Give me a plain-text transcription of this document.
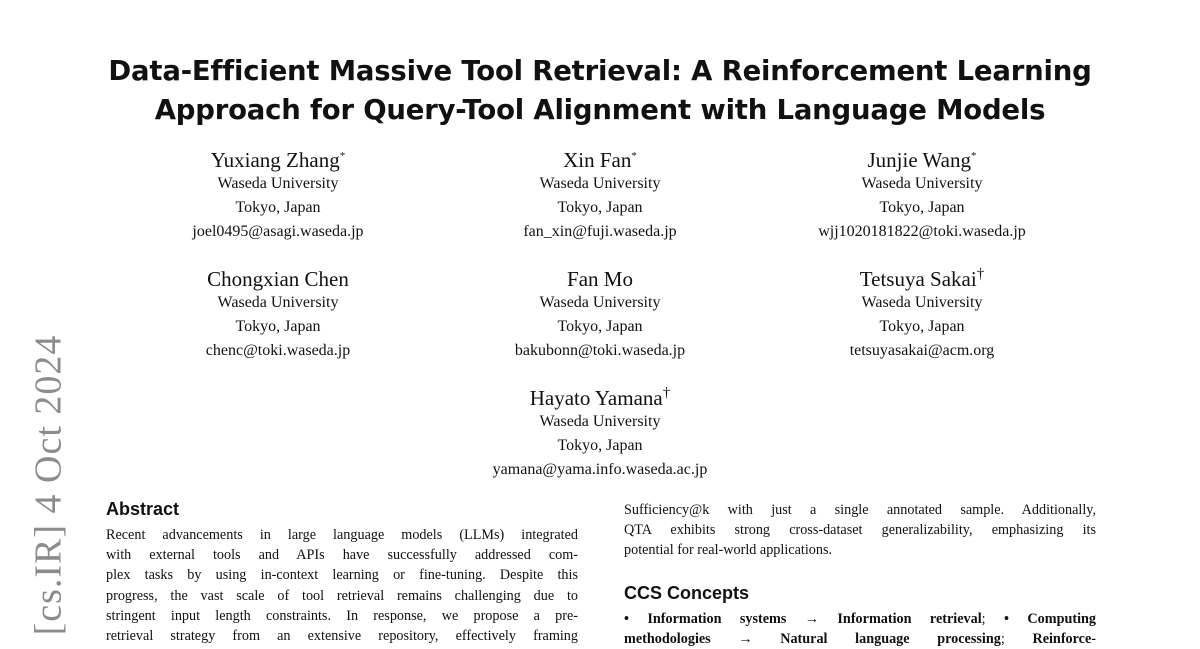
[cs.IR] 4 Oct 2024
Data-Efficient Massive Tool Retrieval: A Reinforcement Learning
Approach for Query-Tool Alignment with Language Models
Yuxiang Zhang*
Waseda University
Tokyo, Japan
joel0495@asagi.waseda.jp
Xin Fan*
Waseda University
Tokyo, Japan
fan_xin@fuji.waseda.jp
Junjie Wang*
Waseda University
Tokyo, Japan
wjj1020181822@toki.waseda.jp
Chongxian Chen
Waseda University
Tokyo, Japan
chenc@toki.waseda.jp
Fan Mo
Waseda University
Tokyo, Japan
bakubonn@toki.waseda.jp
Tetsuya Sakai†
Waseda University
Tokyo, Japan
tetsuyasakai@acm.org
Hayato Yamana†
Waseda University
Tokyo, Japan
yamana@yama.info.waseda.ac.jp
Abstract
Recent advancements in large language models (LLMs) integrated
with external tools and APIs have successfully addressed com-
plex tasks by using in-context learning or fine-tuning. Despite this
progress, the vast scale of tool retrieval remains challenging due to
stringent input length constraints. In response, we propose a pre-
retrieval strategy from an extensive repository, effectively framing
Sufficiency@k with just a single annotated sample. Additionally,
QTA exhibits strong cross-dataset generalizability, emphasizing its
potential for real-world applications.
CCS Concepts
• Information systems → Information retrieval; • Computing
methodologies → Natural language processing; Reinforce-
